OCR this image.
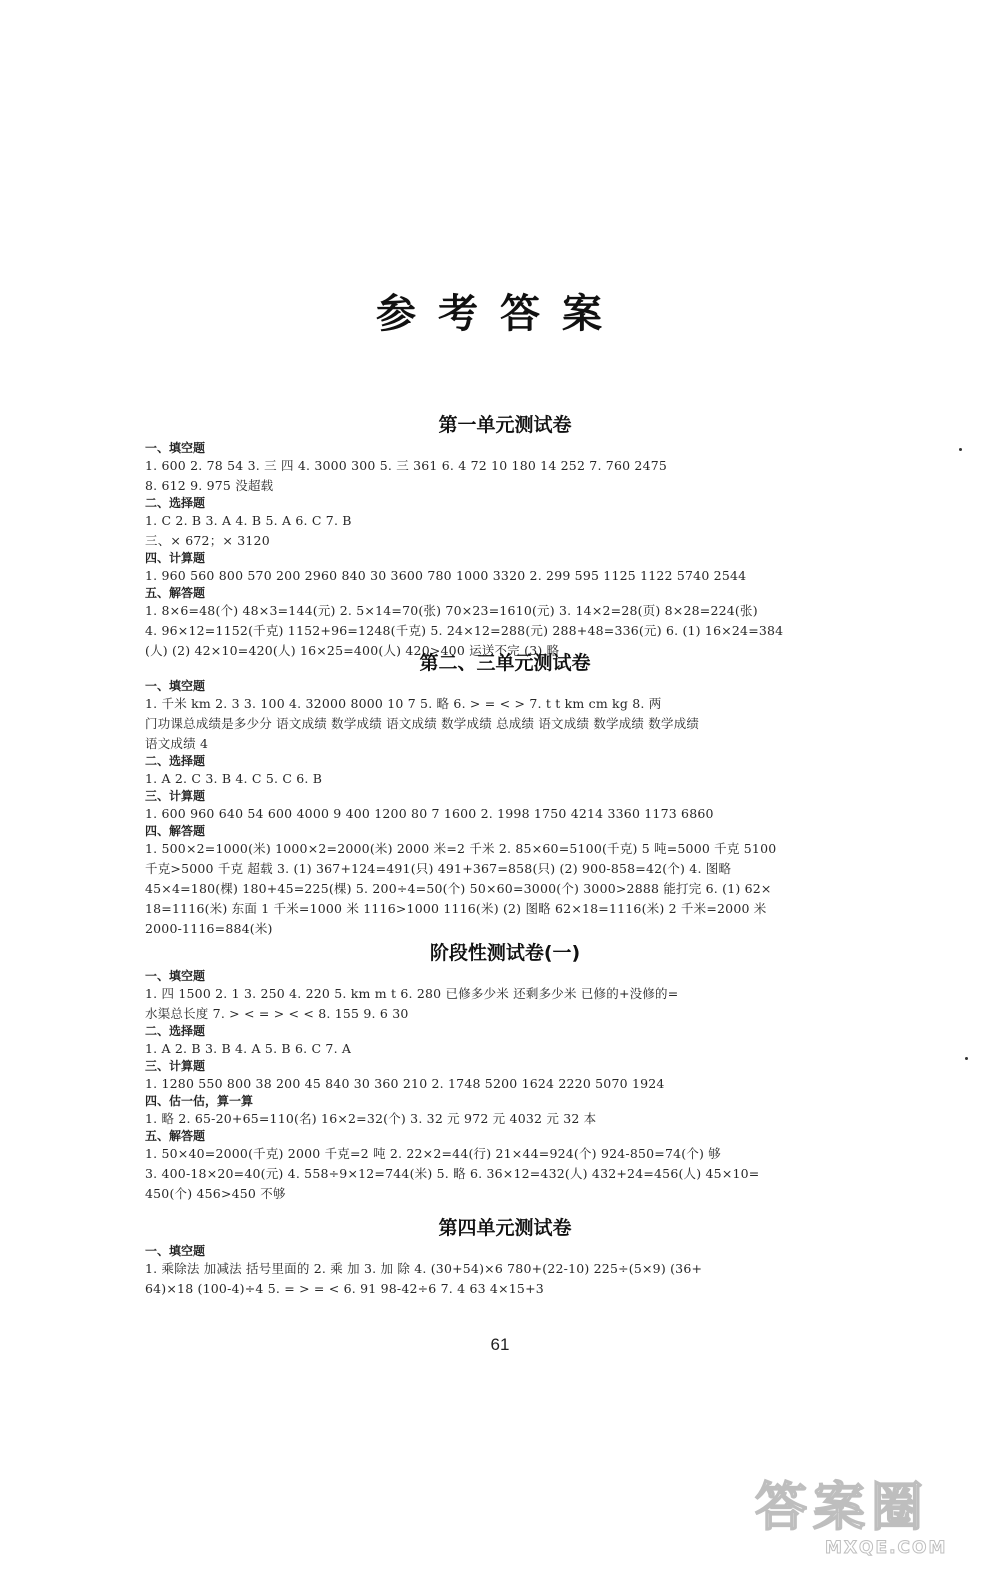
参考答案
第一单元测试卷
一、填空题
1. 600 2. 78 54 3. 三 四 4. 3000 300 5. 三 361 6. 4 72 10 180 14 252 7. 760 2475
8. 612 9. 975 没超载
二、选择题
1. C 2. B 3. A 4. B 5. A 6. C 7. B
三、× 672；× 3120
四、计算题
1. 960 560 800 570 200 2960 840 30 3600 780 1000 3320 2. 299 595 1125 1122 5740 2544
五、解答题
1. 8×6=48(个) 48×3=144(元) 2. 5×14=70(张) 70×23=1610(元) 3. 14×2=28(页) 8×28=224(张)
4. 96×12=1152(千克) 1152+96=1248(千克) 5. 24×12=288(元) 288+48=336(元) 6. (1) 16×24=384
(人) (2) 42×10=420(人) 16×25=400(人) 420>400 运送不完 (3) 略
第二、三单元测试卷
一、填空题
1. 千米 km 2. 3 3. 100 4. 32000 8000 10 7 5. 略 6. > = < > 7. t t km cm kg 8. 两
门功课总成绩是多少分 语文成绩 数学成绩 语文成绩 数学成绩 总成绩 语文成绩 数学成绩 数学成绩
语文成绩 4
二、选择题
1. A 2. C 3. B 4. C 5. C 6. B
三、计算题
1. 600 960 640 54 600 4000 9 400 1200 80 7 1600 2. 1998 1750 4214 3360 1173 6860
四、解答题
1. 500×2=1000(米) 1000×2=2000(米) 2000 米=2 千米 2. 85×60=5100(千克) 5 吨=5000 千克 5100
千克>5000 千克 超载 3. (1) 367+124=491(只) 491+367=858(只) (2) 900-858=42(个) 4. 图略
45×4=180(棵) 180+45=225(棵) 5. 200÷4=50(个) 50×60=3000(个) 3000>2888 能打完 6. (1) 62×
18=1116(米) 东面 1 千米=1000 米 1116>1000 1116(米) (2) 图略 62×18=1116(米) 2 千米=2000 米
2000-1116=884(米)
阶段性测试卷(一)
一、填空题
1. 四 1500 2. 1 3. 250 4. 220 5. km m t 6. 280 已修多少米 还剩多少米 已修的+没修的=
水渠总长度 7. > < = > < < 8. 155 9. 6 30
二、选择题
1. A 2. B 3. B 4. A 5. B 6. C 7. A
三、计算题
1. 1280 550 800 38 200 45 840 30 360 210 2. 1748 5200 1624 2220 5070 1924
四、估一估，算一算
1. 略 2. 65-20+65=110(名) 16×2=32(个) 3. 32 元 972 元 4032 元 32 本
五、解答题
1. 50×40=2000(千克) 2000 千克=2 吨 2. 22×2=44(行) 21×44=924(个) 924-850=74(个) 够
3. 400-18×20=40(元) 4. 558÷9×12=744(米) 5. 略 6. 36×12=432(人) 432+24=456(人) 45×10=
450(个) 456>450 不够
第四单元测试卷
一、填空题
1. 乘除法 加减法 括号里面的 2. 乘 加 3. 加 除 4. (30+54)×6 780+(22-10) 225÷(5×9) (36+
64)×18 (100-4)÷4 5. = > = < 6. 91 98-42÷6 7. 4 63 4×15+3
61
答案圈
MXQE.COM
